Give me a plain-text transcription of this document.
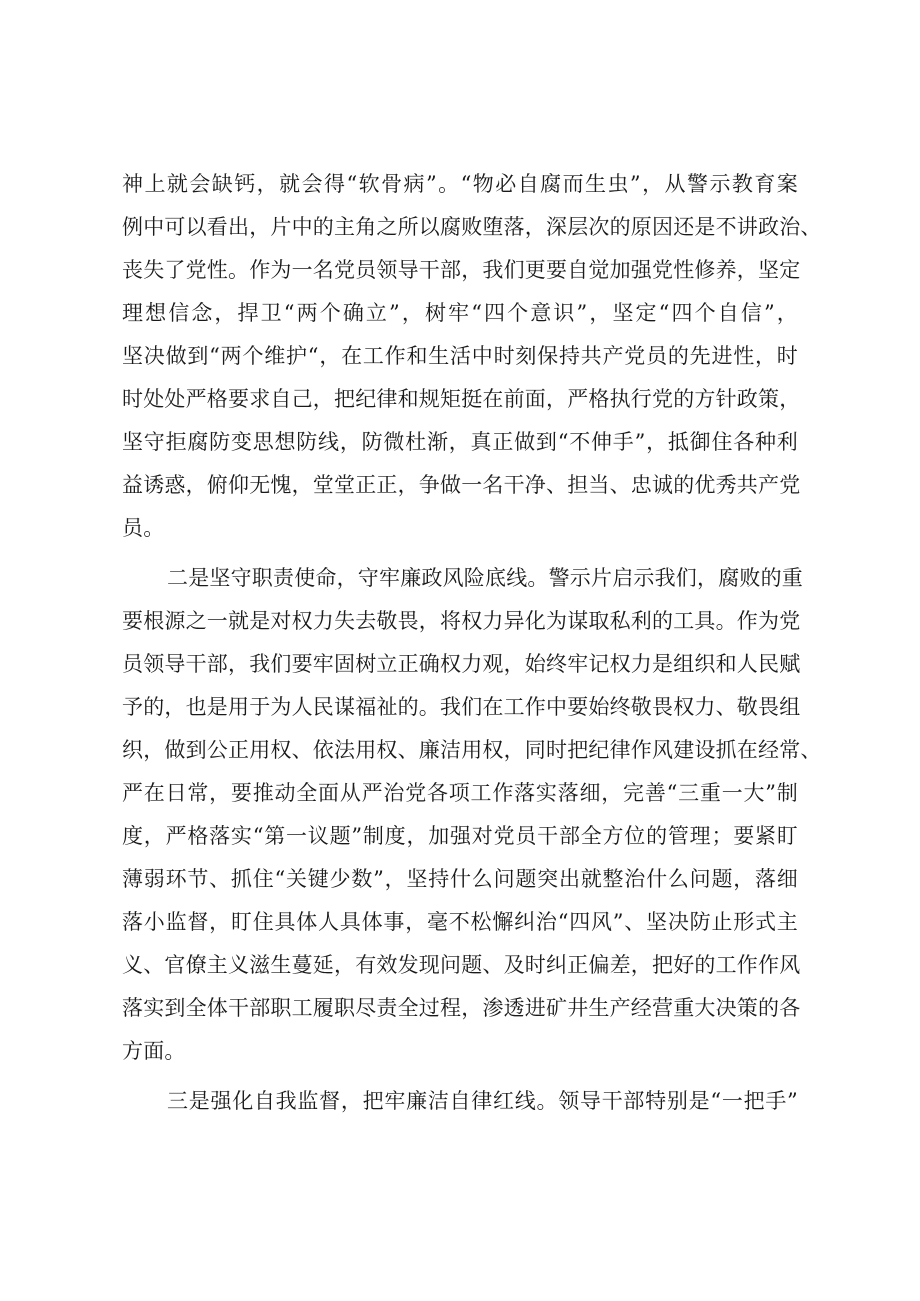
神上就会缺钙，就会得“软骨病”。“物必自腐而生虫”，从警示教育案
例中可以看出，片中的主角之所以腐败堕落，深层次的原因还是不讲政治、
丧失了党性。作为一名党员领导干部，我们更要自觉加强党性修养，坚定
理想信念，捍卫“两个确立”，树牢“四个意识”，坚定“四个自信”，
坚决做到“两个维护“，在工作和生活中时刻保持共产党员的先进性，时
时处处严格要求自己，把纪律和规矩挺在前面，严格执行党的方针政策，
坚守拒腐防变思想防线，防微杜渐，真正做到“不伸手”，抵御住各种利
益诱惑，俯仰无愧，堂堂正正，争做一名干净、担当、忠诚的优秀共产党
员。
二是坚守职责使命，守牢廉政风险底线。警示片启示我们，腐败的重
要根源之一就是对权力失去敬畏，将权力异化为谋取私利的工具。作为党
员领导干部，我们要牢固树立正确权力观，始终牢记权力是组织和人民赋
予的，也是用于为人民谋福祉的。我们在工作中要始终敬畏权力、敬畏组
织，做到公正用权、依法用权、廉洁用权，同时把纪律作风建设抓在经常、
严在日常，要推动全面从严治党各项工作落实落细，完善“三重一大”制
度，严格落实“第一议题”制度，加强对党员干部全方位的管理；要紧盯
薄弱环节、抓住“关键少数”，坚持什么问题突出就整治什么问题，落细
落小监督，盯住具体人具体事，毫不松懈纠治“四风”、坚决防止形式主
义、官僚主义滋生蔓延，有效发现问题、及时纠正偏差，把好的工作作风
落实到全体干部职工履职尽责全过程，渗透进矿井生产经营重大决策的各
方面。
三是强化自我监督，把牢廉洁自律红线。领导干部特别是“一把手”
